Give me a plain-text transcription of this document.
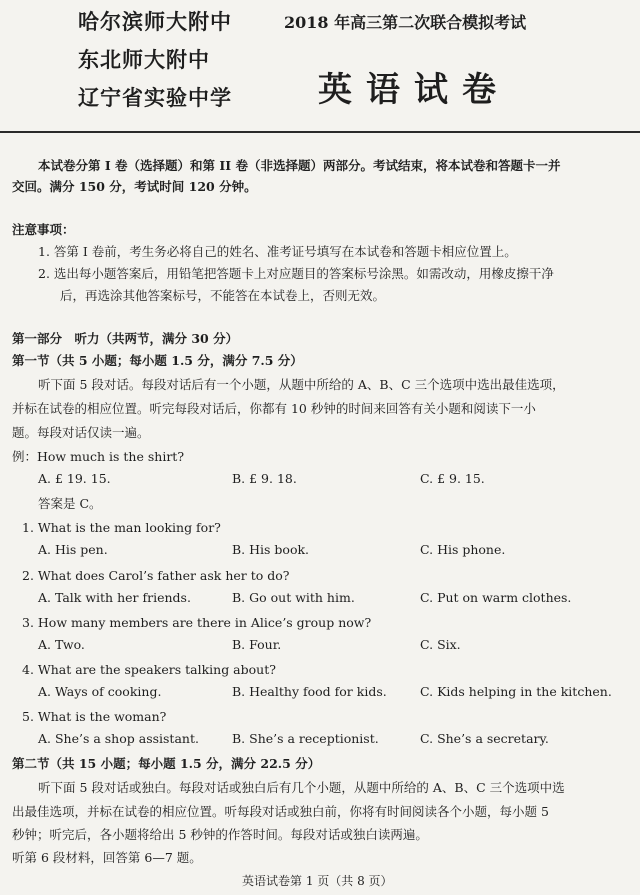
哈尔滨师大附中
东北师大附中
辽宁省实验中学
2018 年高三第二次联合模拟考试
英语试卷
本试卷分第 I 卷（选择题）和第 II 卷（非选择题）两部分。考试结束，将本试卷和答题卡一并
交回。满分 150 分，考试时间 120 分钟。
注意事项：
1. 答第 I 卷前，考生务必将自己的姓名、准考证号填写在本试卷和答题卡相应位置上。
2. 选出每小题答案后，用铅笔把答题卡上对应题目的答案标号涂黑。如需改动，用橡皮擦干净
后，再选涂其他答案标号，不能答在本试卷上，否则无效。
第一部分　听力（共两节，满分 30 分）
第一节（共 5 小题；每小题 1.5 分，满分 7.5 分）
听下面 5 段对话。每段对话后有一个小题，从题中所给的 A、B、C 三个选项中选出最佳选项，
并标在试卷的相应位置。听完每段对话后，你都有 10 秒钟的时间来回答有关小题和阅读下一小
题。每段对话仅读一遍。
例：How much is the shirt?
A. £ 19. 15.	B. £ 9. 18.	C. £ 9. 15.
答案是 C。
1. What is the man looking for?
A. His pen.	B. His book.	C. His phone.
2. What does Carol’s father ask her to do?
A. Talk with her friends.	B. Go out with him.	C. Put on warm clothes.
3. How many members are there in Alice’s group now?
A. Two.	B. Four.	C. Six.
4. What are the speakers talking about?
A. Ways of cooking.	B. Healthy food for kids.	C. Kids helping in the kitchen.
5. What is the woman?
A. She’s a shop assistant.	B. She’s a receptionist.	C. She’s a secretary.
第二节（共 15 小题；每小题 1.5 分，满分 22.5 分）
听下面 5 段对话或独白。每段对话或独白后有几个小题，从题中所给的 A、B、C 三个选项中选
出最佳选项，并标在试卷的相应位置。听每段对话或独白前，你将有时间阅读各个小题，每小题 5
秒钟；听完后，各小题将给出 5 秒钟的作答时间。每段对话或独白读两遍。
听第 6 段材料，回答第 6—7 题。
英语试卷第 1 页（共 8 页）
